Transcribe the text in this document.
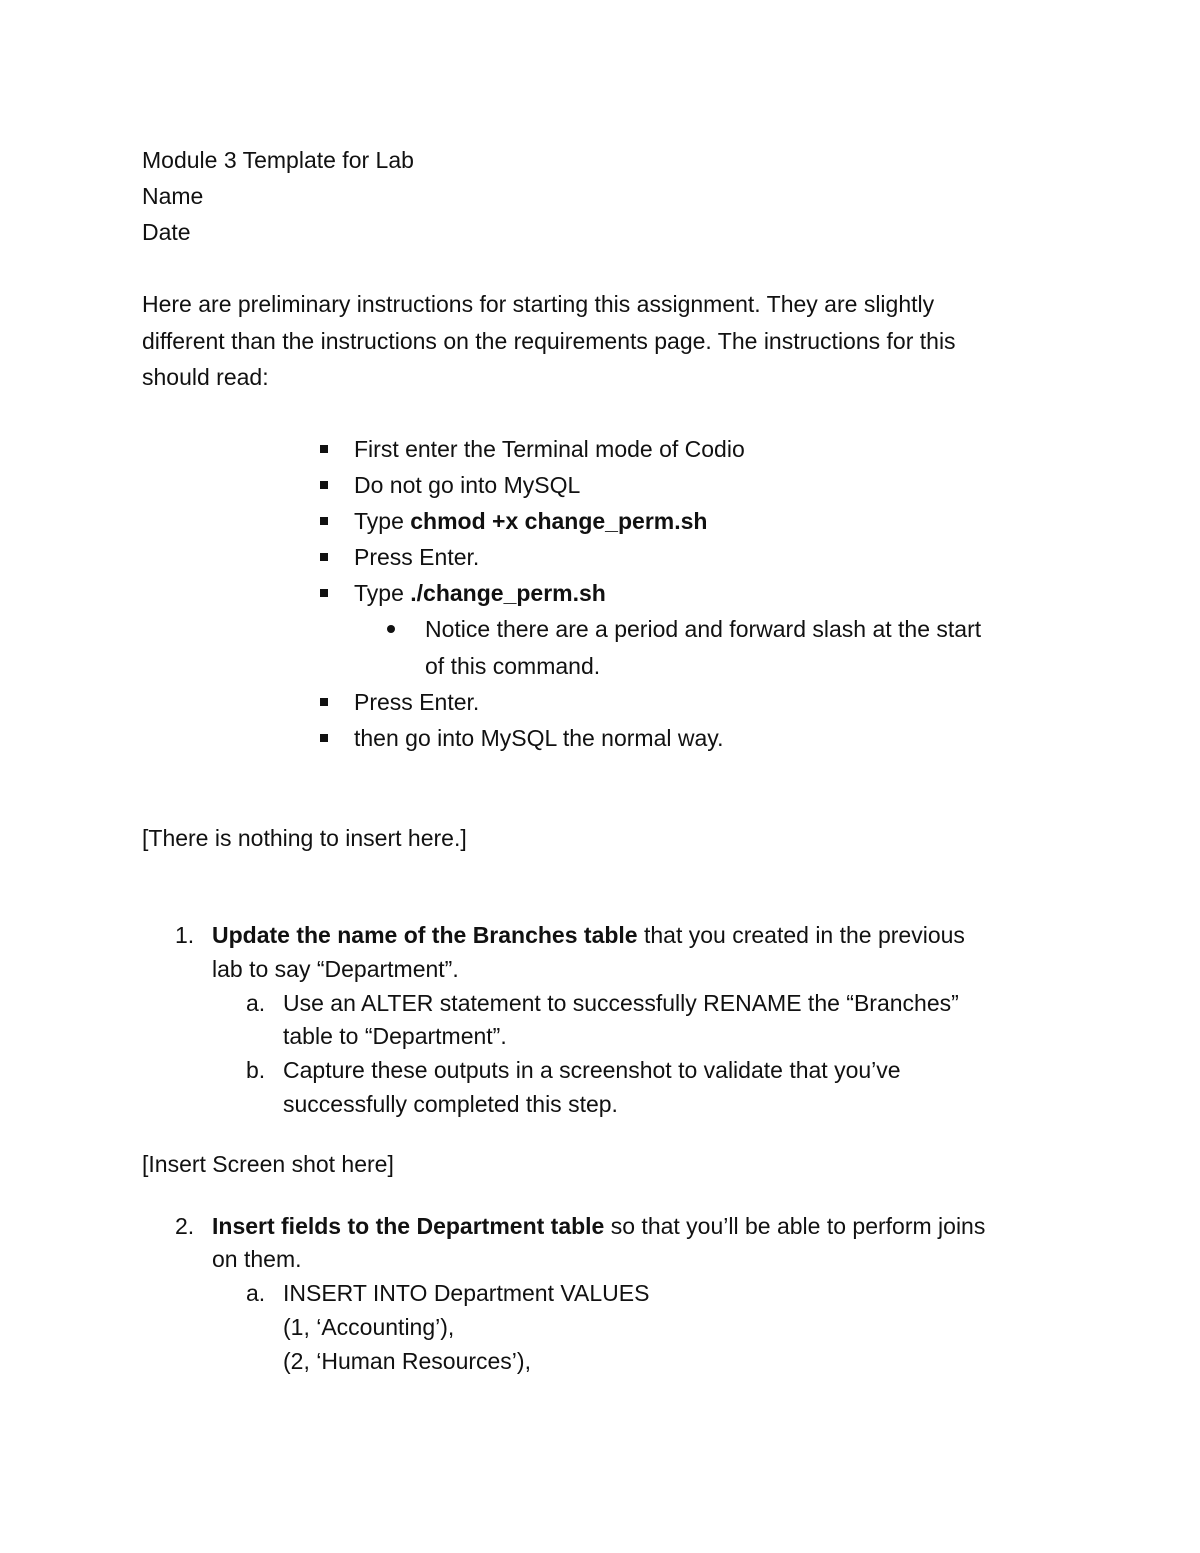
Module 3 Template for Lab
Name
Date
Here are preliminary instructions for starting this assignment. They are slightly
different than the instructions on the requirements page. The instructions for this
should read:
First enter the Terminal mode of Codio
Do not go into MySQL
Type chmod +x change_perm.sh
Press Enter.
Type ./change_perm.sh
Notice there are a period and forward slash at the start
of this command.
Press Enter.
then go into MySQL the normal way.
[There is nothing to insert here.]
1. Update the name of the Branches table that you created in the previous
lab to say “Department”.
a. Use an ALTER statement to successfully RENAME the “Branches”
table to “Department”.
b. Capture these outputs in a screenshot to validate that you’ve
successfully completed this step.
[Insert Screen shot here]
2. Insert fields to the Department table so that you’ll be able to perform joins
on them.
a. INSERT INTO Department VALUES
(1, ‘Accounting’),
(2, ‘Human Resources’),
